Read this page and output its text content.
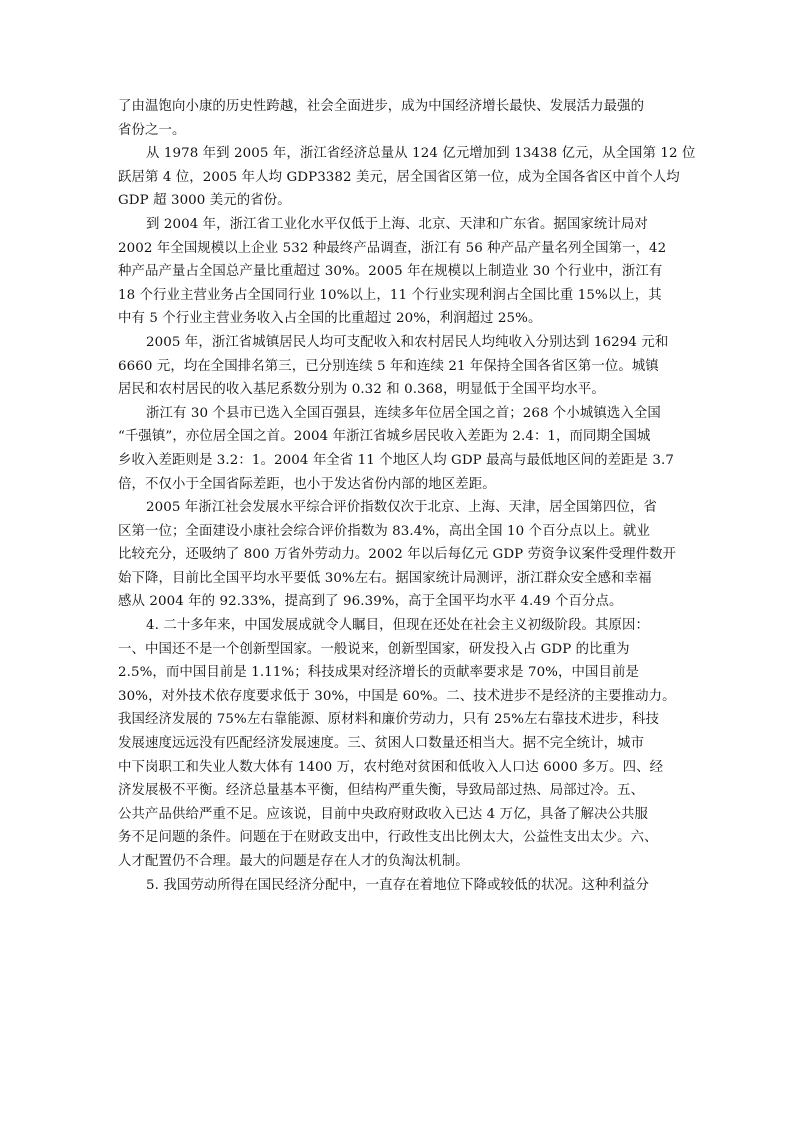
了由温饱向小康的历史性跨越，社会全面进步，成为中国经济增长最快、发展活力最强的
省份之一。
从 1978 年到 2005 年，浙江省经济总量从 124 亿元增加到 13438 亿元，从全国第 12 位
跃居第 4 位，2005 年人均 GDP3382 美元，居全国省区第一位，成为全国各省区中首个人均
GDP 超 3000 美元的省份。
到 2004 年，浙江省工业化水平仅低于上海、北京、天津和广东省。据国家统计局对
2002 年全国规模以上企业 532 种最终产品调查，浙江有 56 种产品产量名列全国第一，42
种产品产量占全国总产量比重超过 30%。2005 年在规模以上制造业 30 个行业中，浙江有
18 个行业主营业务占全国同行业 10%以上，11 个行业实现利润占全国比重 15%以上，其
中有 5 个行业主营业务收入占全国的比重超过 20%，利润超过 25%。
2005 年，浙江省城镇居民人均可支配收入和农村居民人均纯收入分别达到 16294 元和
6660 元，均在全国排名第三，已分别连续 5 年和连续 21 年保持全国各省区第一位。城镇
居民和农村居民的收入基尼系数分别为 0.32 和 0.368，明显低于全国平均水平。
浙江有 30 个县市已选入全国百强县，连续多年位居全国之首；268 个小城镇选入全国
“千强镇”，亦位居全国之首。2004 年浙江省城乡居民收入差距为 2.4：1，而同期全国城
乡收入差距则是 3.2：1。2004 年全省 11 个地区人均 GDP 最高与最低地区间的差距是 3.7
倍，不仅小于全国省际差距，也小于发达省份内部的地区差距。
2005 年浙江社会发展水平综合评价指数仅次于北京、上海、天津，居全国第四位，省
区第一位；全面建设小康社会综合评价指数为 83.4%，高出全国 10 个百分点以上。就业
比较充分，还吸纳了 800 万省外劳动力。2002 年以后每亿元 GDP 劳资争议案件受理件数开
始下降，目前比全国平均水平要低 30%左右。据国家统计局测评，浙江群众安全感和幸福
感从 2004 年的 92.33%，提高到了 96.39%，高于全国平均水平 4.49 个百分点。
4. 二十多年来，中国发展成就令人瞩目，但现在还处在社会主义初级阶段。其原因：
一、中国还不是一个创新型国家。一般说来，创新型国家，研发投入占 GDP 的比重为
2.5%，而中国目前是 1.11%；科技成果对经济增长的贡献率要求是 70%，中国目前是
30%，对外技术依存度要求低于 30%，中国是 60%。二、技术进步不是经济的主要推动力。
我国经济发展的 75%左右靠能源、原材料和廉价劳动力，只有 25%左右靠技术进步，科技
发展速度远远没有匹配经济发展速度。三、贫困人口数量还相当大。据不完全统计，城市
中下岗职工和失业人数大体有 1400 万，农村绝对贫困和低收入人口达 6000 多万。四、经
济发展极不平衡。经济总量基本平衡，但结构严重失衡，导致局部过热、局部过冷。五、
公共产品供给严重不足。应该说，目前中央政府财政收入已达 4 万亿，具备了解决公共服
务不足问题的条件。问题在于在财政支出中，行政性支出比例太大，公益性支出太少。六、
人才配置仍不合理。最大的问题是存在人才的负淘汰机制。
5. 我国劳动所得在国民经济分配中，一直存在着地位下降或较低的状况。这种利益分
